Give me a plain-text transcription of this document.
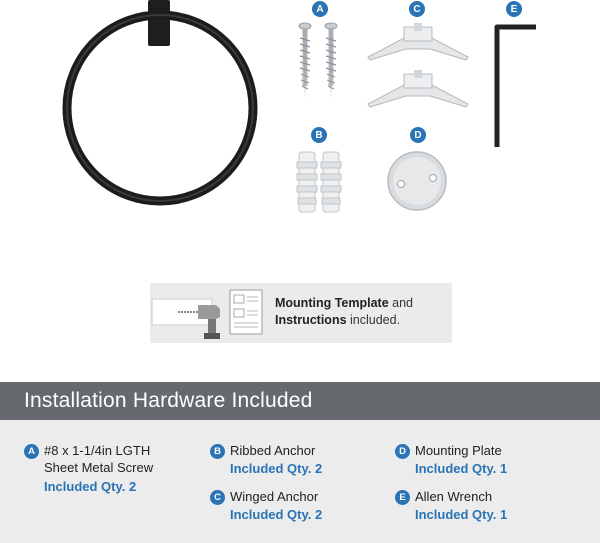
A
B
C
D
E
Mounting Template and Instructions included.
Installation Hardware Included
A #8 x 1-1/4in LGTH
Sheet Metal Screw
Included Qty. 2
B Ribbed Anchor
Included Qty. 2
C Winged Anchor
Included Qty. 2
D Mounting Plate
Included Qty. 1
E Allen Wrench
Included Qty. 1
